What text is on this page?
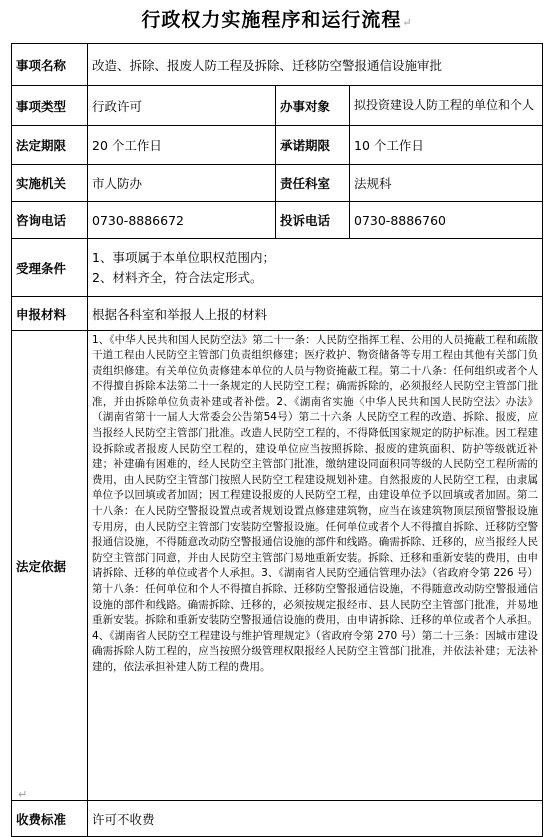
行政权力实施程序和运行流程↵
事项名称	改造、拆除、报废人防工程及拆除、迁移防空警报通信设施审批		
事项类型	行政许可	办事对象	拟投资建设人防工程的单位和个人
法定期限	20 个工作日	承诺期限	10 个工作日
实施机关	市人防办	责任科室	法规科
咨询电话	0730-8886672	投诉电话	0730-8886760
受理条件	1、事项属于本单位职权范围内；
2、材料齐全，符合法定形式。		

申报材料	根据各科室和举报人上报的材料		
法定依据	1、《中华人民共和国人民防空法》第二十一条：人民防空指挥工程、公用的人员掩蔽工程和疏散干道工程由人民防空主管部门负责组织修建；医疗救护、物资储备等专用工程由其他有关部门负责组织修建。有关单位负责修建本单位的人员与物资掩蔽工程。第二十八条：任何组织或者个人不得擅自拆除本法第二十一条规定的人民防空工程；确需拆除的，必须报经人民防空主管部门批准，并由拆除单位负责补建或者补偿。2、《湖南省实施〈中华人民共和国人民防空法〉办法》（湖南省第十一届人大常委会公告第54号）第二十六条 人民防空工程的改造、拆除、报废，应当报经人民防空主管部门批准。改造人民防空工程的，不得降低国家规定的防护标准。因工程建设拆除或者报废人民防空工程的，建设单位应当按照拆除、报废的建筑面积、防护等级就近补建；补建确有困难的，经人民防空主管部门批准，缴纳建设同面积同等级的人民防空工程所需的费用，由人民防空主管部门按照人民防空工程建设规划补建。自然报废的人民防空工程，由隶属单位予以回填或者加固；因工程建设报废的人民防空工程，由建设单位予以回填或者加固。第二十八条：在人民防空警报设置点或者规划设置点修建建筑物，应当在该建筑物顶层预留警报设施专用房，由人民防空主管部门安装防空警报设施。任何单位或者个人不得擅自拆除、迁移防空警报通信设施，不得随意改动防空警报通信设施的部件和线路。确需拆除、迁移的，应当报经人民防空主管部门同意，并由人民防空主管部门易地重新安装。拆除、迁移和重新安装的费用，由申请拆除、迁移的单位或者个人承担。3、《湖南省人民防空通信管理办法》（省政府令第 226 号）第十八条：任何单位和个人不得擅自拆除、迁移防空警报通信设施，不得随意改动防空警报通信设施的部件和线路。确需拆除、迁移的，必须按规定报经市、县人民防空主管部门批准，并易地重新安装。拆除和重新安装防空警报通信设施的费用，由申请拆除、迁移的单位或者个人承担。4、《湖南省人民防空工程建设与维护管理规定》（省政府令第 270 号）第二十三条：因城市建设确需拆除人防工程的，应当按照分级管理权限报经人民防空主管部门批准，并依法补建；无法补建的，依法承担补建人防工程的费用。		

收费标准	许可不收费		
↵
